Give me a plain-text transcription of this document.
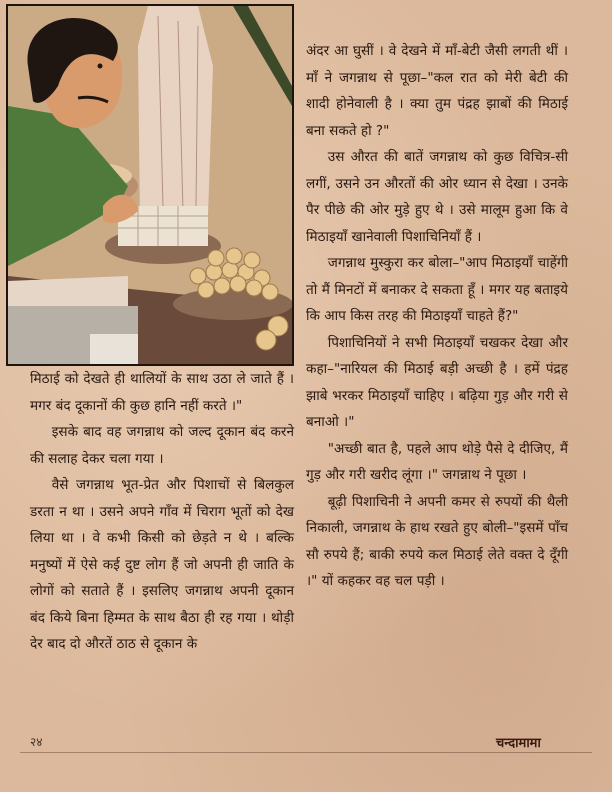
अंदर आ घुसीं । वे देखने में माँ-बेटी जैसी लगती थीं । माँ ने जगन्नाथ से पूछा–"कल रात को मेरी बेटी की शादी होनेवाली है । क्या तुम पंद्रह झाबों की मिठाई बना सकते हो ?"

उस औरत की बातें जगन्नाथ को कुछ विचित्र-सी लगीं, उसने उन औरतों की ओर ध्यान से देखा । उनके पैर पीछे की ओर मुड़े हुए थे । उसे मालूम हुआ कि वे मिठाइयाँ खानेवाली पिशाचिनियाँ हैं ।

जगन्नाथ मुस्कुरा कर बोला–"आप मिठाइयाँ चाहेंगी तो मैं मिनटों में बनाकर दे सकता हूँ । मगर यह बताइये कि आप किस तरह की मिठाइयाँ चाहते हैं?"

पिशाचिनियों ने सभी मिठाइयाँ चखकर देखा और कहा–"नारियल की मिठाई बड़ी अच्छी है । हमें पंद्रह झाबे भरकर मिठाइयाँ चाहिए । बढ़िया गुड़ और गरी से बनाओ ।"

"अच्छी बात है, पहले आप थोड़े पैसे दे दीजिए, मैं गुड़ और गरी खरीद लूंगा ।" जगन्नाथ ने पूछा ।

बूढ़ी पिशाचिनी ने अपनी कमर से रुपयों की थैली निकाली, जगन्नाथ के हाथ रखते हुए बोली–"इसमें पाँच सौ रुपये हैं; बाकी रुपये कल मिठाई लेते वक्त दे दूँगी ।" यों कहकर वह चल पड़ी ।

मिठाई को देखते ही थालियों के साथ उठा ले जाते हैं । मगर बंद दूकानों की कुछ हानि नहीं करते ।"

इसके बाद वह जगन्नाथ को जल्द दूकान बंद करने की सलाह देकर चला गया ।

वैसे जगन्नाथ भूत-प्रेत और पिशाचों से बिलकुल डरता न था । उसने अपने गाँव में चिराग भूतों को देख लिया था । वे कभी किसी को छेड़ते न थे । बल्कि मनुष्यों में ऐसे कई दुष्ट लोग हैं जो अपनी ही जाति के लोगों को सताते हैं । इसलिए जगन्नाथ अपनी दूकान बंद किये बिना हिम्मत के साथ बैठा ही रह गया । थोड़ी देर बाद दो औरतें ठाठ से दूकान के

२४	चन्दामामा
